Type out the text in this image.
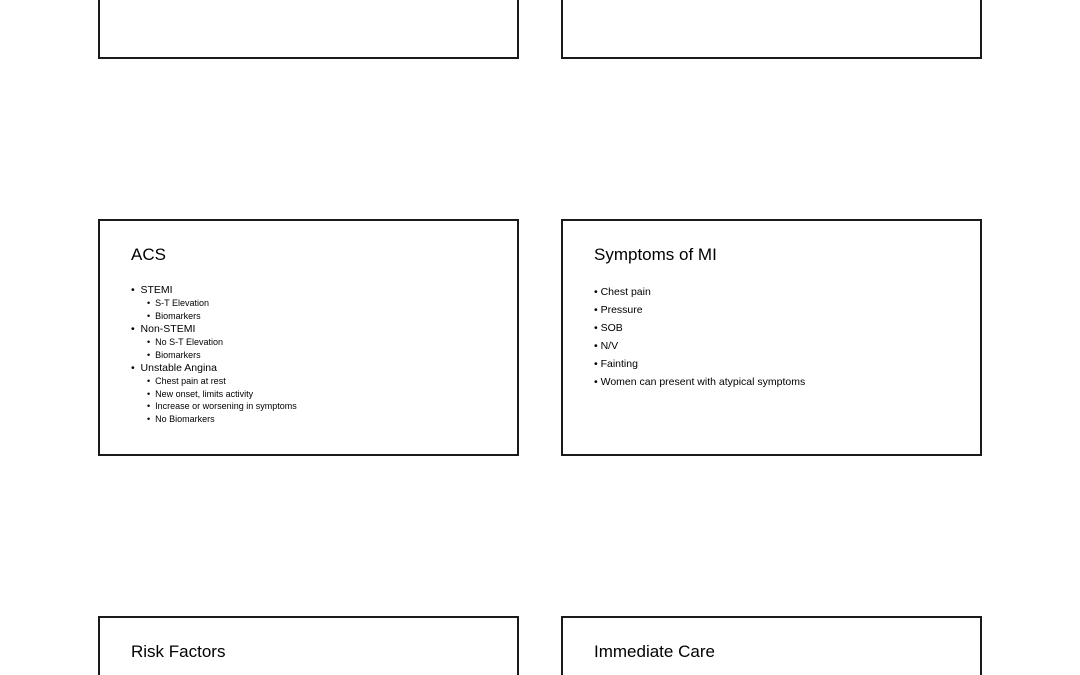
ACS
• STEMI
•  S-T Elevation
•  Biomarkers
• Non-STEMI
•  No S-T Elevation
•  Biomarkers
• Unstable Angina
•  Chest pain at rest
•  New onset, limits activity
•  Increase or worsening in symptoms
•  No Biomarkers
Symptoms of MI
• Chest pain
• Pressure
• SOB
• N/V
• Fainting
• Women can present with atypical symptoms
Risk Factors	Immediate Care
